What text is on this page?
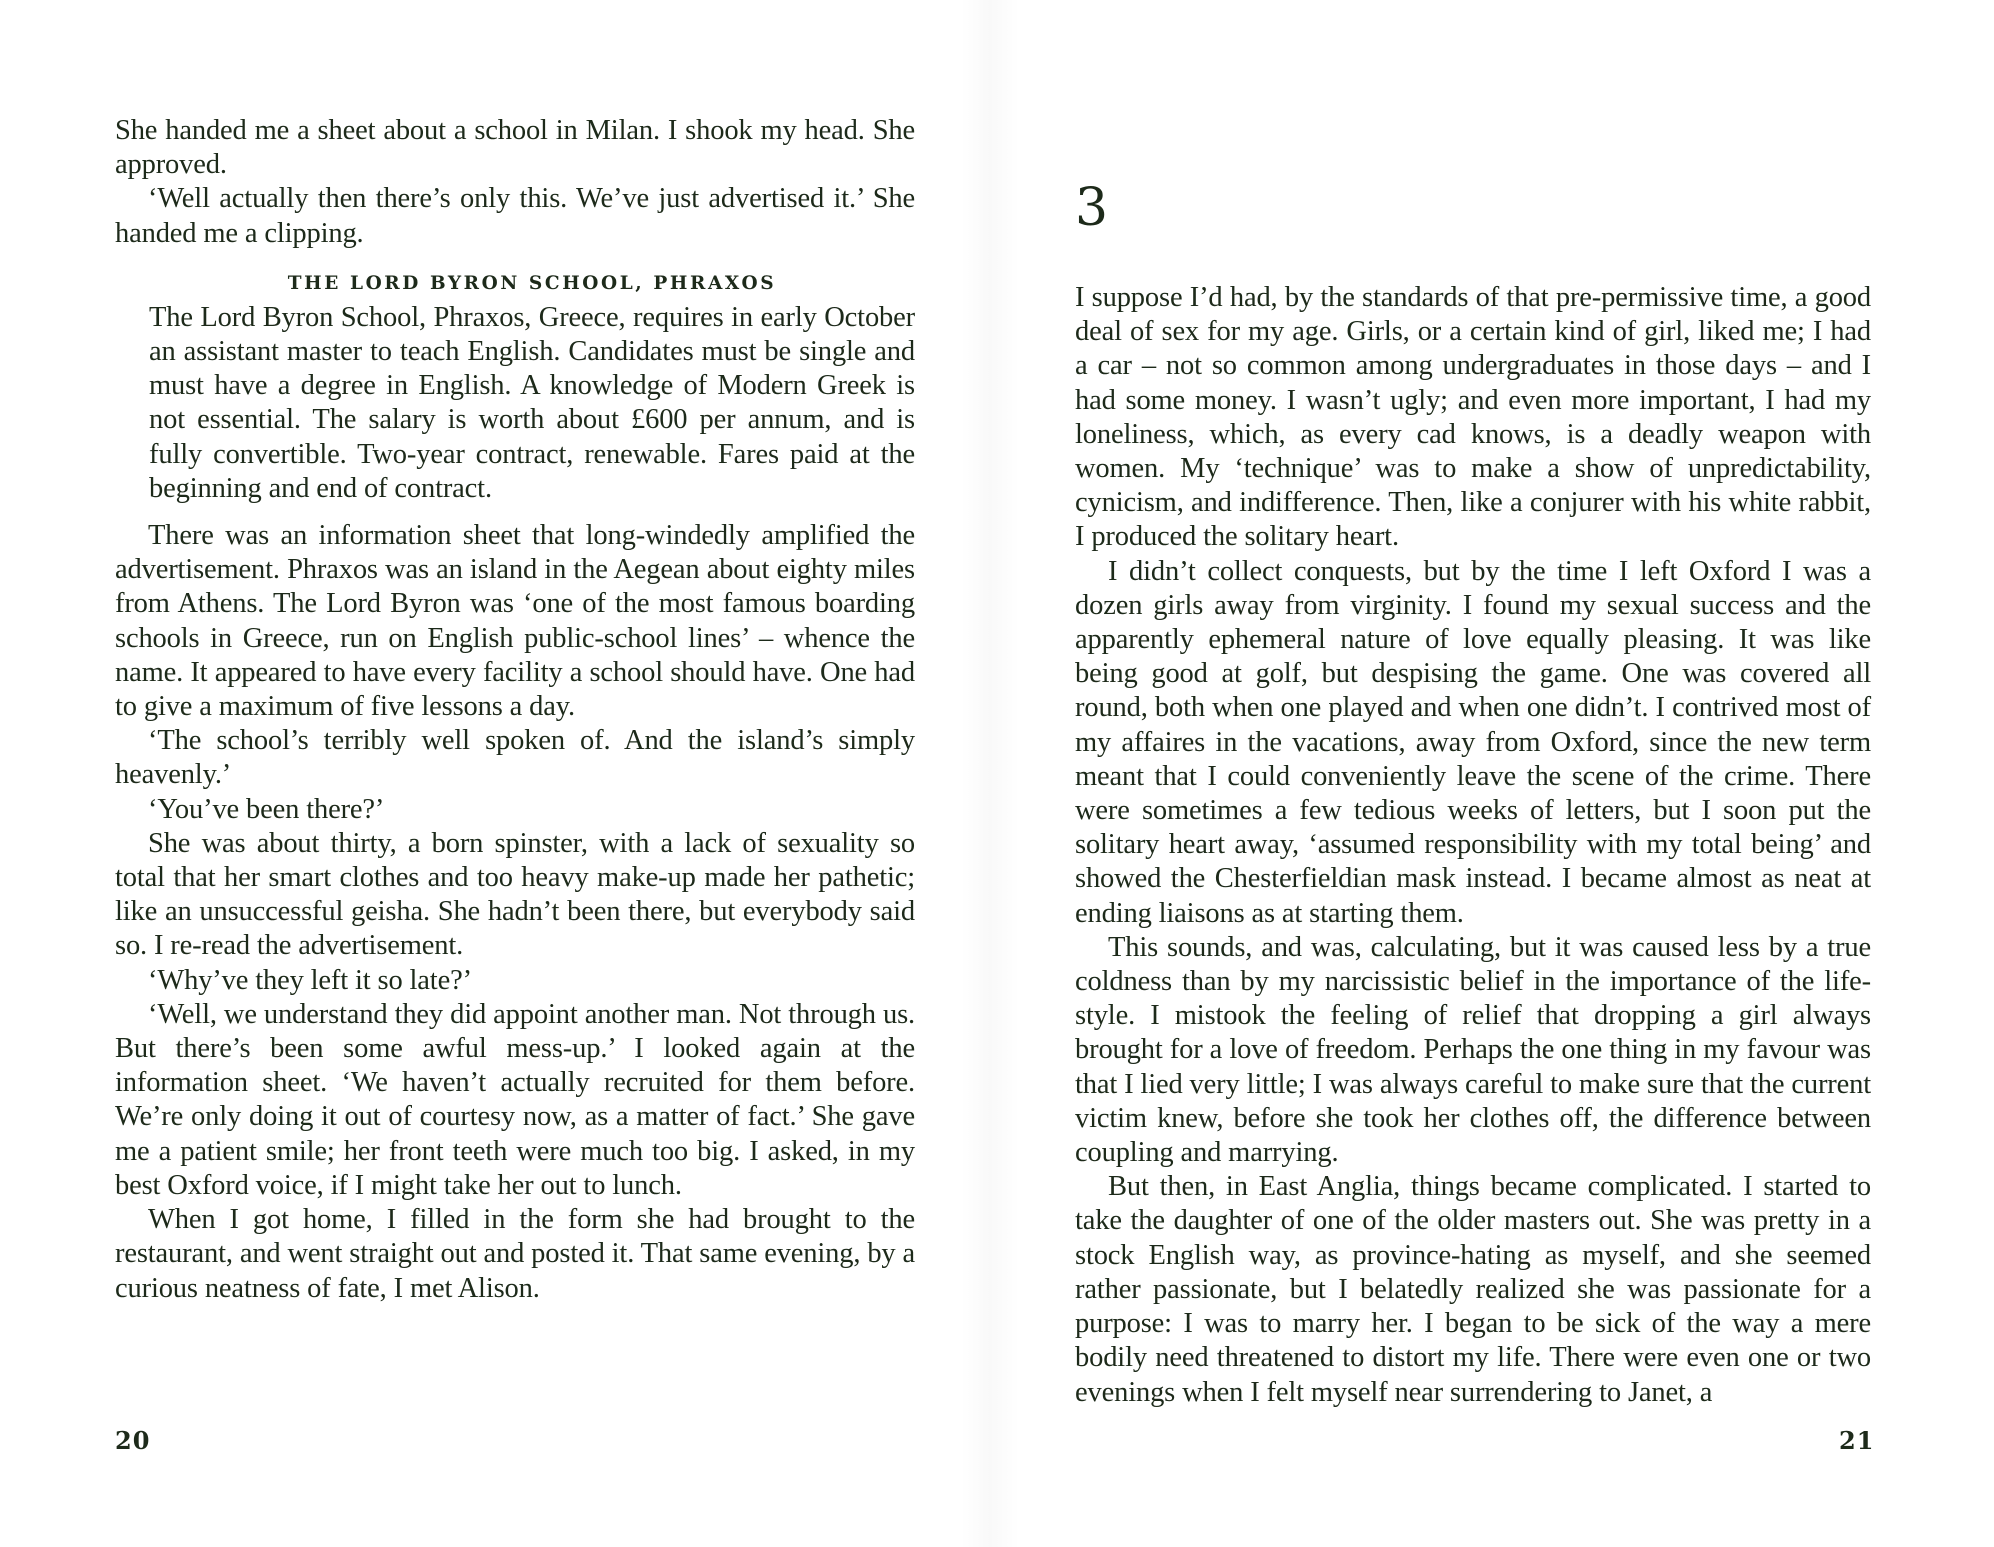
She handed me a sheet about a school in Milan. I shook my head. She approved.

‘Well actually then there’s only this. We’ve just advertised it.’ She handed me a clipping.

THE LORD BYRON SCHOOL, PHRAXOS
The Lord Byron School, Phraxos, Greece, requires in early October an assistant master to teach English. Candidates must be single and must have a degree in English. A knowledge of Modern Greek is not essential. The salary is worth about £600 per annum, and is fully convertible. Two-year contract, renewable. Fares paid at the beginning and end of contract.

There was an information sheet that long-windedly amplified the advertisement. Phraxos was an island in the Aegean about eighty miles from Athens. The Lord Byron was ‘one of the most famous boarding schools in Greece, run on English public-school lines’ – whence the name. It appeared to have every facility a school should have. One had to give a maximum of five lessons a day.

‘The school’s terribly well spoken of. And the island’s simply heavenly.’

‘You’ve been there?’

She was about thirty, a born spinster, with a lack of sexuality so total that her smart clothes and too heavy make-up made her pathetic; like an unsuccessful geisha. She hadn’t been there, but everybody said so. I re-read the advertisement.

‘Why’ve they left it so late?’

‘Well, we understand they did appoint another man. Not through us. But there’s been some awful mess-up.’ I looked again at the information sheet. ‘We haven’t actually recruited for them before. We’re only doing it out of courtesy now, as a matter of fact.’ She gave me a patient smile; her front teeth were much too big. I asked, in my best Oxford voice, if I might take her out to lunch.

When I got home, I filled in the form she had brought to the restaurant, and went straight out and posted it. That same evening, by a curious neatness of fate, I met Alison.

20
3

I suppose I’d had, by the standards of that pre-permissive time, a good deal of sex for my age. Girls, or a certain kind of girl, liked me; I had a car – not so common among undergraduates in those days – and I had some money. I wasn’t ugly; and even more important, I had my loneliness, which, as every cad knows, is a deadly weapon with women. My ‘technique’ was to make a show of unpredictability, cynicism, and indifference. Then, like a conjurer with his white rabbit, I produced the solitary heart.

I didn’t collect conquests, but by the time I left Oxford I was a dozen girls away from virginity. I found my sexual success and the apparently ephemeral nature of love equally pleasing. It was like being good at golf, but despising the game. One was covered all round, both when one played and when one didn’t. I contrived most of my affaires in the vacations, away from Oxford, since the new term meant that I could conveniently leave the scene of the crime. There were sometimes a few tedious weeks of letters, but I soon put the solitary heart away, ‘assumed responsibility with my total being’ and showed the Chesterfieldian mask instead. I became almost as neat at ending liaisons as at starting them.

This sounds, and was, calculating, but it was caused less by a true coldness than by my narcissistic belief in the importance of the life-style. I mistook the feeling of relief that dropping a girl always brought for a love of freedom. Perhaps the one thing in my favour was that I lied very little; I was always careful to make sure that the current victim knew, before she took her clothes off, the difference between coupling and marrying.

But then, in East Anglia, things became complicated. I started to take the daughter of one of the older masters out. She was pretty in a stock English way, as province-hating as myself, and she seemed rather passionate, but I belatedly realized she was passionate for a purpose: I was to marry her. I began to be sick of the way a mere bodily need threatened to distort my life. There were even one or two evenings when I felt myself near surrendering to Janet, a

21
